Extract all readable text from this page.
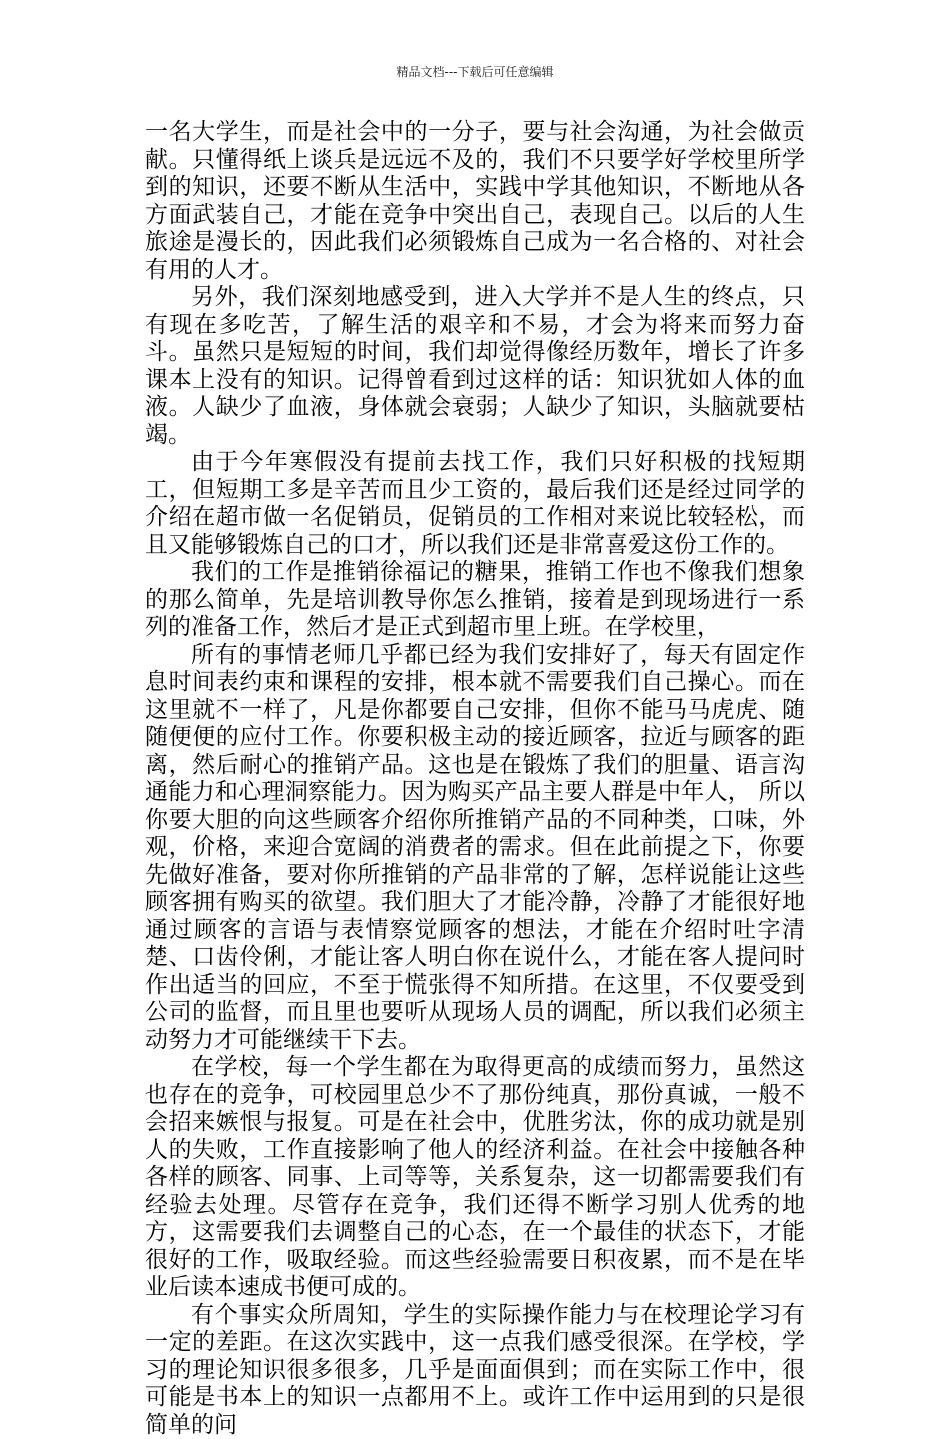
精品文档---下载后可任意编辑

一名大学生，而是社会中的一分子，要与社会沟通，为社会做贡献。只懂得纸上谈兵是远远不及的，我们不只要学好学校里所学到的知识，还要不断从生活中，实践中学其他知识，不断地从各方面武装自己，才能在竞争中突出自己，表现自己。以后的人生旅途是漫长的，因此我们必须锻炼自己成为一名合格的、对社会有用的人才。

另外，我们深刻地感受到，进入大学并不是人生的终点，只有现在多吃苦，了解生活的艰辛和不易，才会为将来而努力奋斗。虽然只是短短的时间，我们却觉得像经历数年，增长了许多课本上没有的知识。记得曾看到过这样的话：知识犹如人体的血液。人缺少了血液，身体就会衰弱；人缺少了知识，头脑就要枯竭。

由于今年寒假没有提前去找工作，我们只好积极的找短期工，但短期工多是辛苦而且少工资的，最后我们还是经过同学的介绍在超市做一名促销员，促销员的工作相对来说比较轻松，而且又能够锻炼自己的口才，所以我们还是非常喜爱这份工作的。

我们的工作是推销徐福记的糖果，推销工作也不像我们想象的那么简单，先是培训教导你怎么推销，接着是到现场进行一系列的准备工作，然后才是正式到超市里上班。在学校里，

所有的事情老师几乎都已经为我们安排好了，每天有固定作息时间表约束和课程的安排，根本就不需要我们自己操心。而在这里就不一样了，凡是你都要自己安排，但你不能马马虎虎、随随便便的应付工作。你要积极主动的接近顾客，拉近与顾客的距离，然后耐心的推销产品。这也是在锻炼了我们的胆量、语言沟通能力和心理洞察能力。因为购买产品主要人群是中年人， 所以你要大胆的向这些顾客介绍你所推销产品的不同种类，口味，外观，价格，来迎合宽阔的消费者的需求。但在此前提之下，你要先做好准备，要对你所推销的产品非常的了解，怎样说能让这些顾客拥有购买的欲望。我们胆大了才能冷静，冷静了才能很好地通过顾客的言语与表情察觉顾客的想法，才能在介绍时吐字清楚、口齿伶俐，才能让客人明白你在说什么，才能在客人提问时作出适当的回应，不至于慌张得不知所措。在这里，不仅要受到公司的监督，而且里也要听从现场人员的调配，所以我们必须主动努力才可能继续干下去。

在学校，每一个学生都在为取得更高的成绩而努力，虽然这也存在的竞争，可校园里总少不了那份纯真，那份真诚，一般不会招来嫉恨与报复。可是在社会中，优胜劣汰，你的成功就是别人的失败，工作直接影响了他人的经济利益。在社会中接触各种各样的顾客、同事、上司等等，关系复杂，这一切都需要我们有经验去处理。尽管存在竞争，我们还得不断学习别人优秀的地方，这需要我们去调整自己的心态，在一个最佳的状态下，才能很好的工作，吸取经验。而这些经验需要日积夜累，而不是在毕业后读本速成书便可成的。

有个事实众所周知，学生的实际操作能力与在校理论学习有一定的差距。在这次实践中，这一点我们感受很深。在学校，学习的理论知识很多很多，几乎是面面俱到；而在实际工作中，很可能是书本上的知识一点都用不上。或许工作中运用到的只是很简单的问
